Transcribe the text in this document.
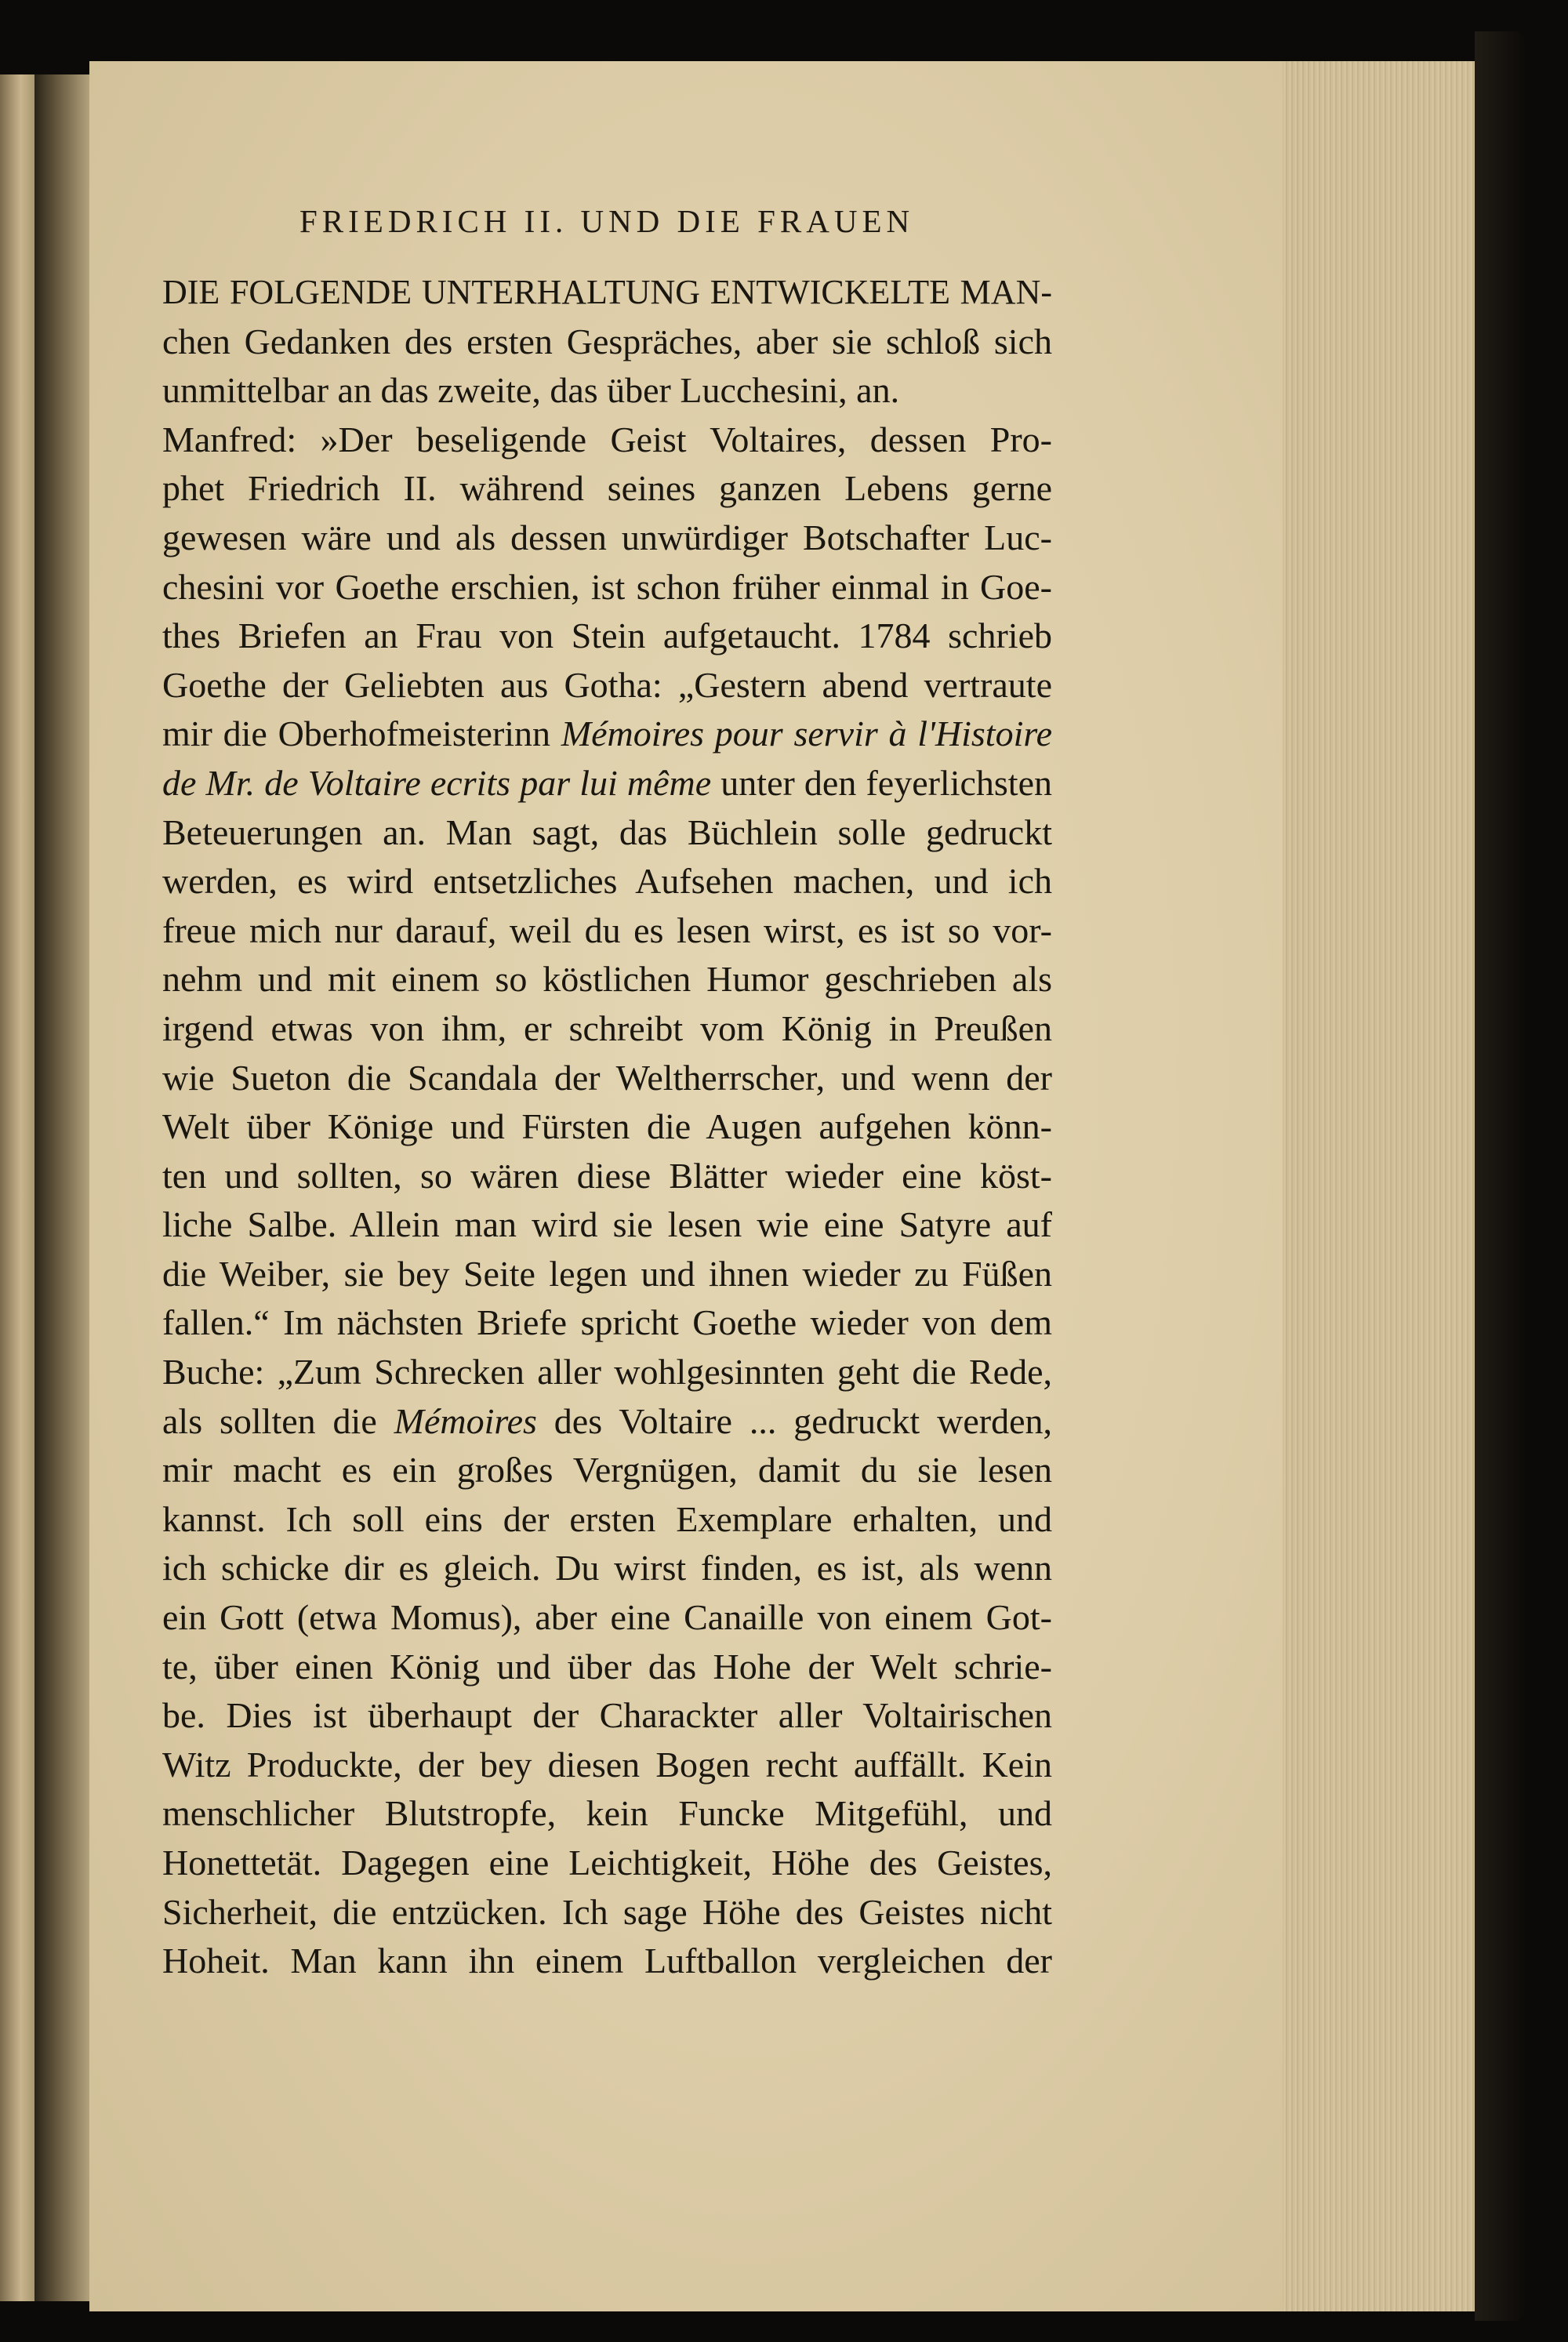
FRIEDRICH II. UND DIE FRAUEN
DIE FOLGENDE UNTERHALTUNG ENTWICKELTE MAN-
chen Gedanken des ersten Gespräches, aber sie schloß sich
unmittelbar an das zweite, das über Lucchesini, an.
Manfred: »Der beseligende Geist Voltaires, dessen Pro-
phet Friedrich II. während seines ganzen Lebens gerne
gewesen wäre und als dessen unwürdiger Botschafter Luc-
chesini vor Goethe erschien, ist schon früher einmal in Goe-
thes Briefen an Frau von Stein aufgetaucht. 1784 schrieb
Goethe der Geliebten aus Gotha: „Gestern abend vertraute
mir die Oberhofmeisterinn Mémoires pour servir à l'Histoire
de Mr. de Voltaire ecrits par lui même unter den feyerlichsten
Beteuerungen an. Man sagt, das Büchlein solle gedruckt
werden, es wird entsetzliches Aufsehen machen, und ich
freue mich nur darauf, weil du es lesen wirst, es ist so vor-
nehm und mit einem so köstlichen Humor geschrieben als
irgend etwas von ihm, er schreibt vom König in Preußen
wie Sueton die Scandala der Weltherrscher, und wenn der
Welt über Könige und Fürsten die Augen aufgehen könn-
ten und sollten, so wären diese Blätter wieder eine köst-
liche Salbe. Allein man wird sie lesen wie eine Satyre auf
die Weiber, sie bey Seite legen und ihnen wieder zu Füßen
fallen.“ Im nächsten Briefe spricht Goethe wieder von dem
Buche: „Zum Schrecken aller wohlgesinnten geht die Rede,
als sollten die Mémoires des Voltaire ... gedruckt werden,
mir macht es ein großes Vergnügen, damit du sie lesen
kannst. Ich soll eins der ersten Exemplare erhalten, und
ich schicke dir es gleich. Du wirst finden, es ist, als wenn
ein Gott (etwa Momus), aber eine Canaille von einem Got-
te, über einen König und über das Hohe der Welt schrie-
be. Dies ist überhaupt der Charackter aller Voltairischen
Witz Produckte, der bey diesen Bogen recht auffällt. Kein
menschlicher Blutstropfe, kein Funcke Mitgefühl, und
Honettetät. Dagegen eine Leichtigkeit, Höhe des Geistes,
Sicherheit, die entzücken. Ich sage Höhe des Geistes nicht
Hoheit. Man kann ihn einem Luftballon vergleichen der
